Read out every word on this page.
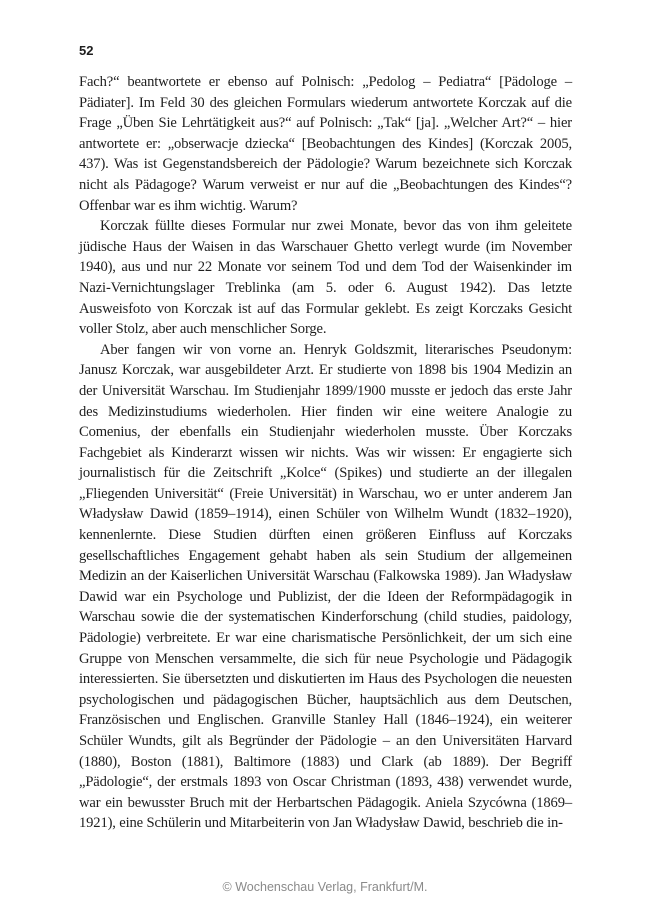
52

Fach?“ beantwortete er ebenso auf Polnisch: „Pedolog – Pediatra“ [Pädologe – Pädiater]. Im Feld 30 des gleichen Formulars wiederum antwortete Korczak auf die Frage „Üben Sie Lehrtätigkeit aus?“ auf Polnisch: „Tak“ [ja]. „Welcher Art?“ – hier antwortete er: „obserwacje dziecka“ [Beobachtungen des Kindes] (Korczak 2005, 437). Was ist Gegenstandsbereich der Pädologie? Warum bezeichnete sich Korczak nicht als Pädagoge? Warum verweist er nur auf die „Beobachtungen des Kindes“? Offenbar war es ihm wichtig. Warum?

Korczak füllte dieses Formular nur zwei Monate, bevor das von ihm geleitete jüdische Haus der Waisen in das Warschauer Ghetto verlegt wurde (im November 1940), aus und nur 22 Monate vor seinem Tod und dem Tod der Waisenkinder im Nazi-Vernichtungslager Treblinka (am 5. oder 6. August 1942). Das letzte Ausweisfoto von Korczak ist auf das Formular geklebt. Es zeigt Korczaks Gesicht voller Stolz, aber auch menschlicher Sorge.

Aber fangen wir von vorne an. Henryk Goldszmit, literarisches Pseudonym: Janusz Korczak, war ausgebildeter Arzt. Er studierte von 1898 bis 1904 Medizin an der Universität Warschau. Im Studienjahr 1899/1900 musste er jedoch das erste Jahr des Medizinstudiums wiederholen. Hier finden wir eine weitere Analogie zu Comenius, der ebenfalls ein Studienjahr wiederholen musste. Über Korczaks Fachgebiet als Kinderarzt wissen wir nichts. Was wir wissen: Er engagierte sich journalistisch für die Zeitschrift „Kolce“ (Spikes) und studierte an der illegalen „Fliegenden Universität“ (Freie Universität) in Warschau, wo er unter anderem Jan Władysław Dawid (1859–1914), einen Schüler von Wilhelm Wundt (1832–1920), kennenlernte. Diese Studien dürften einen größeren Einfluss auf Korczaks gesellschaftliches Engagement gehabt haben als sein Studium der allgemeinen Medizin an der Kaiserlichen Universität Warschau (Falkowska 1989). Jan Władysław Dawid war ein Psychologe und Publizist, der die Ideen der Reformpädagogik in Warschau sowie die der systematischen Kinderforschung (child studies, paidology, Pädologie) verbreitete. Er war eine charismatische Persönlichkeit, der um sich eine Gruppe von Menschen versammelte, die sich für neue Psychologie und Pädagogik interessierten. Sie übersetzten und diskutierten im Haus des Psychologen die neuesten psychologischen und pädagogischen Bücher, hauptsächlich aus dem Deutschen, Französischen und Englischen. Granville Stanley Hall (1846–1924), ein weiterer Schüler Wundts, gilt als Begründer der Pädologie – an den Universitäten Harvard (1880), Boston (1881), Baltimore (1883) und Clark (ab 1889). Der Begriff „Pädologie“, der erstmals 1893 von Oscar Christman (1893, 438) verwendet wurde, war ein bewusster Bruch mit der Herbartschen Pädagogik. Aniela Szycówna (1869–1921), eine Schülerin und Mitarbeiterin von Jan Władysław Dawid, beschrieb die in-

© Wochenschau Verlag, Frankfurt/M.
